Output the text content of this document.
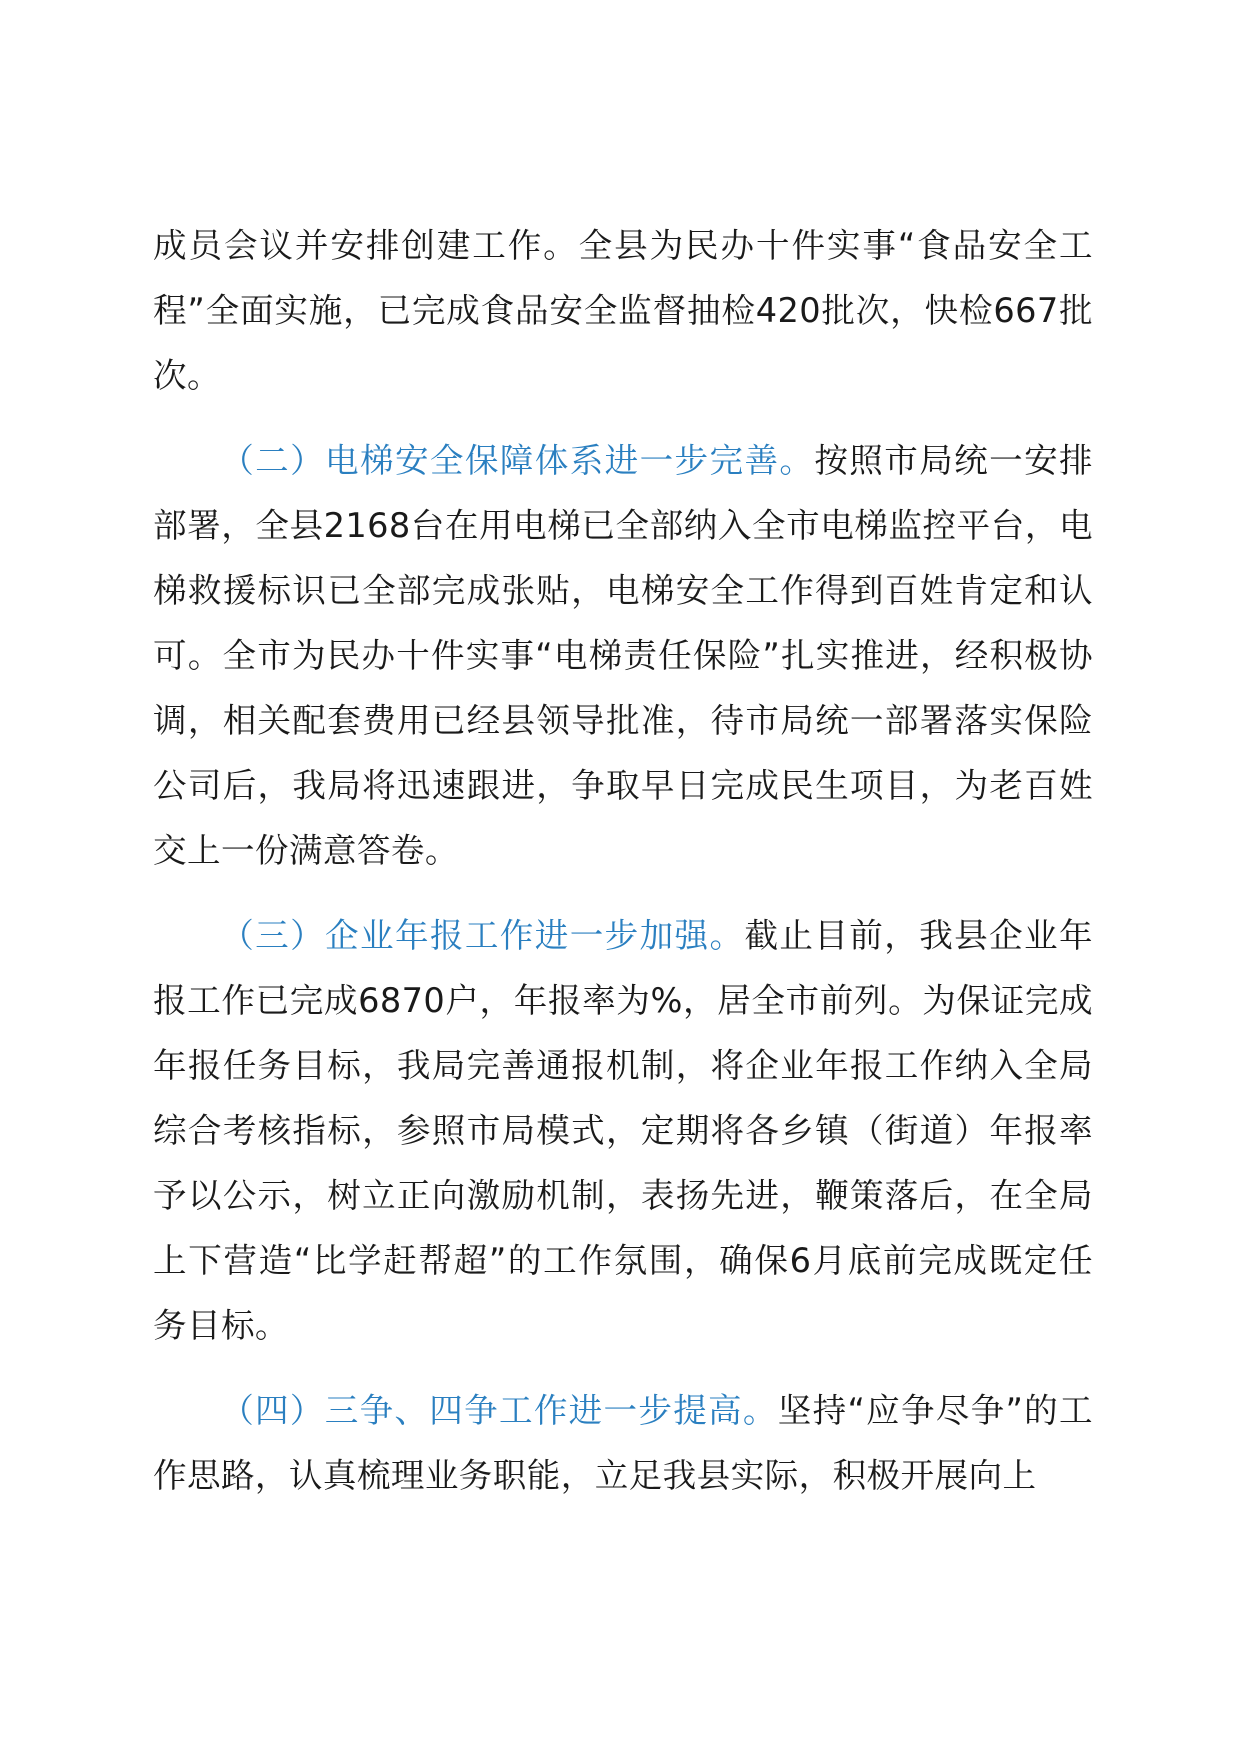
成员会议并安排创建工作。全县为民办十件实事“食品安全工程”全面实施，已完成食品安全监督抽检420批次，快检667批次。

（二）电梯安全保障体系进一步完善。按照市局统一安排部署，全县2168台在用电梯已全部纳入全市电梯监控平台，电梯救援标识已全部完成张贴，电梯安全工作得到百姓肯定和认可。全市为民办十件实事“电梯责任保险”扎实推进，经积极协调，相关配套费用已经县领导批准，待市局统一部署落实保险公司后，我局将迅速跟进，争取早日完成民生项目，为老百姓交上一份满意答卷。

（三）企业年报工作进一步加强。截止目前，我县企业年报工作已完成6870户，年报率为%，居全市前列。为保证完成年报任务目标，我局完善通报机制，将企业年报工作纳入全局综合考核指标，参照市局模式，定期将各乡镇（街道）年报率予以公示，树立正向激励机制，表扬先进，鞭策落后，在全局上下营造“比学赶帮超”的工作氛围，确保6月底前完成既定任务目标。

（四）三争、四争工作进一步提高。坚持“应争尽争”的工作思路，认真梳理业务职能，立足我县实际，积极开展向上
